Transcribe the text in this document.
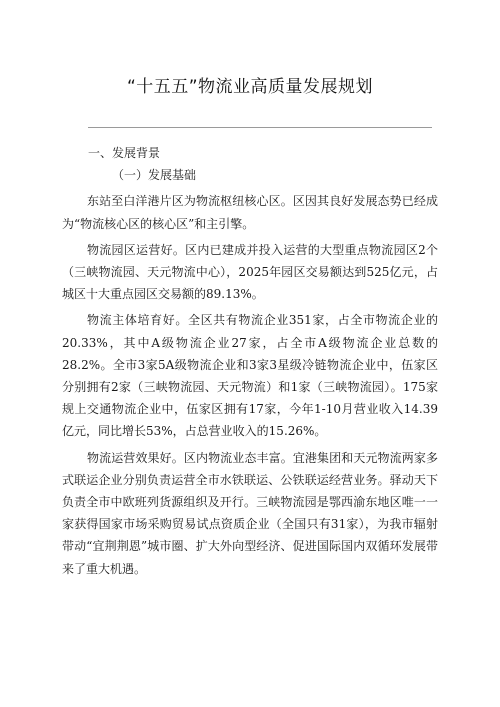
“十五五”物流业高质量发展规划

一、发展背景

（一）发展基础

东站至白洋港片区为物流枢纽核心区。区因其良好发展态势已经成为“物流核心区的核心区”和主引擎。

物流园区运营好。区内已建成并投入运营的大型重点物流园区2个（三峡物流园、天元物流中心），2025年园区交易额达到525亿元，占城区十大重点园区交易额的89.13%。

物流主体培育好。全区共有物流企业351家，占全市物流企业的20.33%，其中A级物流企业27家，占全市A级物流企业总数的28.2%。全市3家5A级物流企业和3家3星级冷链物流企业中，伍家区分别拥有2家（三峡物流园、天元物流）和1家（三峡物流园）。175家规上交通物流企业中，伍家区拥有17家，今年1-10月营业收入14.39亿元，同比增长53%，占总营业收入的15.26%。

物流运营效果好。区内物流业态丰富。宜港集团和天元物流两家多式联运企业分别负责运营全市水铁联运、公铁联运经营业务。驿动天下负责全市中欧班列货源组织及开行。三峡物流园是鄂西渝东地区唯一一家获得国家市场采购贸易试点资质企业（全国只有31家），为我市辐射带动“宜荆荆恩”城市圈、扩大外向型经济、促进国际国内双循环发展带来了重大机遇。
